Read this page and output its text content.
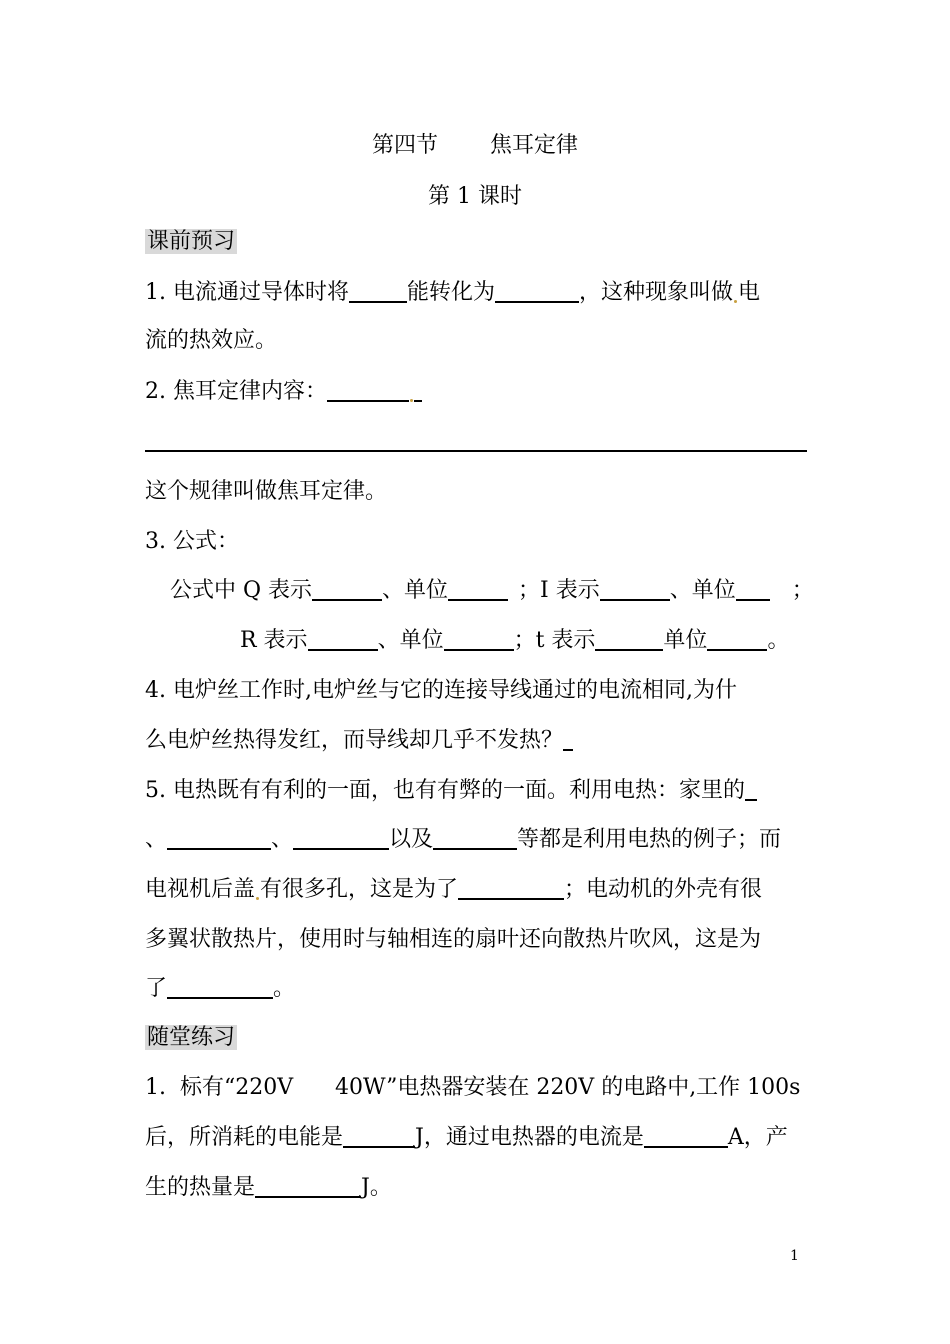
第四节 焦耳定律
第 1 课时
课前预习
1. 电流通过导体时将	能转化为	，这种现象叫做 电
流的热效应。
2. 焦耳定律内容：
这个规律叫做焦耳定律。
3. 公式：
公式中 Q 表示	、单位	；I 表示	、单位	；
R 表示	、单位	；t 表示	单位	。
4. 电炉丝工作时,电炉丝与它的连接导线通过的电流相同,为什
么电炉丝热得发红，而导线却几乎不发热？
5. 电热既有有利的一面，也有有弊的一面。利用电热：家里的
、	、	以及	等都是利用电热的例子；而
电视机后盖 有很多孔，这是为了	；电动机的外壳有很
多翼状散热片，使用时与轴相连的扇叶还向散热片吹风，这是为
了	。
随堂练习
1.  标有“220V      40W”电热器安装在 220V 的电路中,工作 100s
后，所消耗的电能是	J，通过电热器的电流是	A，产
生的热量是	J。
1
